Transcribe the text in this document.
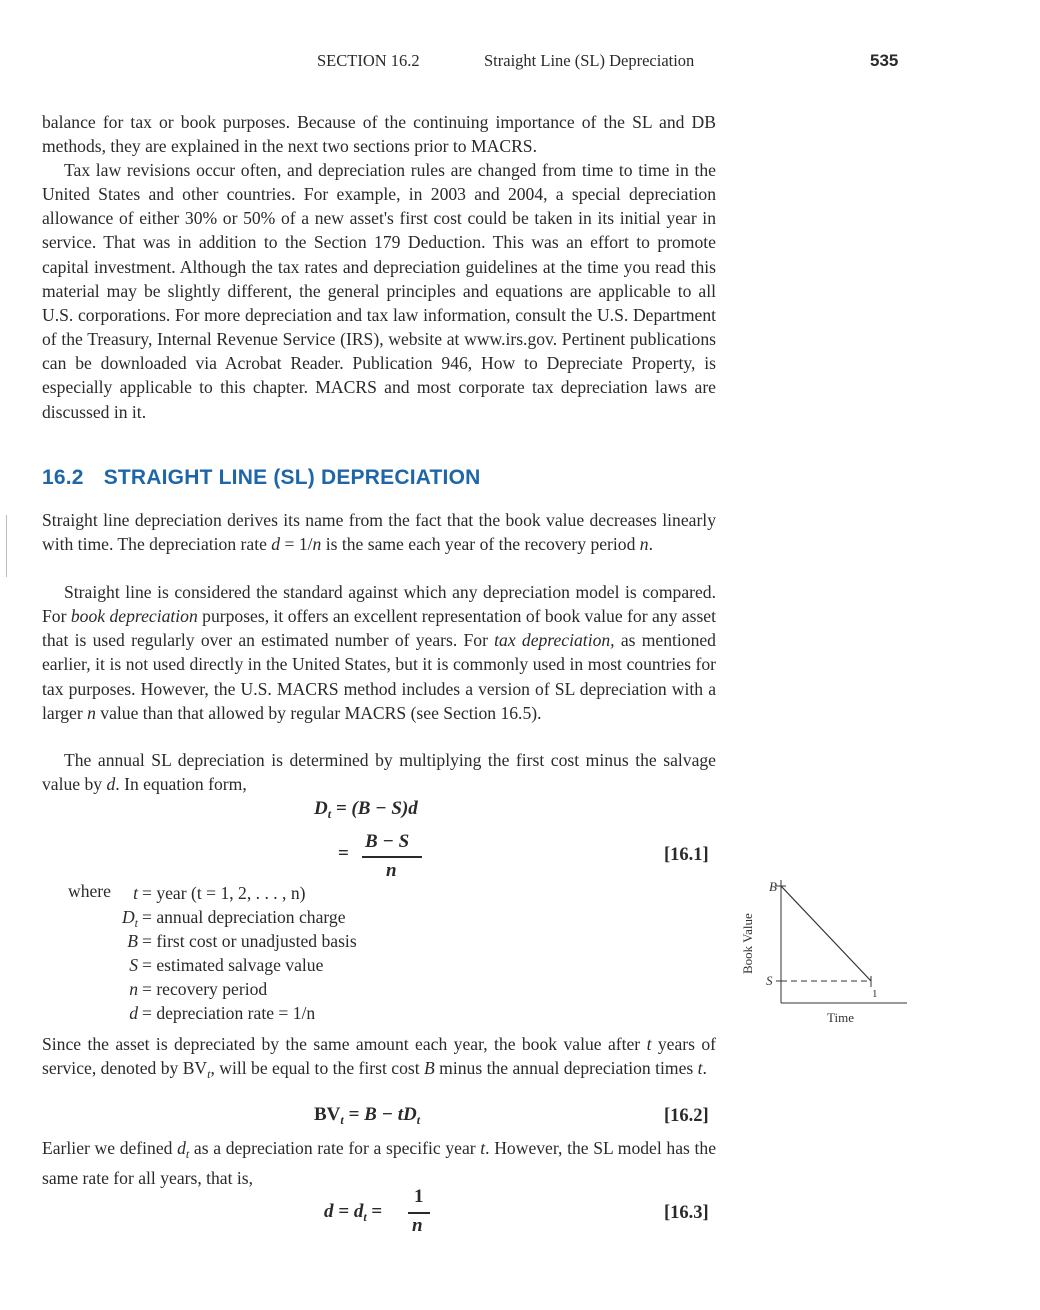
SECTION 16.2	Straight Line (SL) Depreciation	535

balance for tax or book purposes. Because of the continuing importance of the SL and DB methods, they are explained in the next two sections prior to MACRS.

Tax law revisions occur often, and depreciation rules are changed from time to time in the United States and other countries. For example, in 2003 and 2004, a special depreciation allowance of either 30% or 50% of a new asset's first cost could be taken in its initial year in service. That was in addition to the Section 179 Deduction. This was an effort to promote capital investment. Although the tax rates and depreciation guidelines at the time you read this material may be slightly different, the general principles and equations are applicable to all U.S. corporations. For more depreciation and tax law information, consult the U.S. Department of the Treasury, Internal Revenue Service (IRS), website at www.irs.gov. Pertinent publications can be downloaded via Acrobat Reader. Publication 946, How to Depreciate Property, is especially applicable to this chapter. MACRS and most corporate tax depreciation laws are discussed in it.

16.2 STRAIGHT LINE (SL) DEPRECIATION

Straight line depreciation derives its name from the fact that the book value decreases linearly with time. The depreciation rate d = 1/n is the same each year of the recovery period n.

Straight line is considered the standard against which any depreciation model is compared. For book depreciation purposes, it offers an excellent representation of book value for any asset that is used regularly over an estimated number of years. For tax depreciation, as mentioned earlier, it is not used directly in the United States, but it is commonly used in most countries for tax purposes. However, the U.S. MACRS method includes a version of SL depreciation with a larger n value than that allowed by regular MACRS (see Section 16.5).

The annual SL depreciation is determined by multiplying the first cost minus the salvage value by d. In equation form,

$D_t = (B - S)d$
=
B − S
n
[16.1]
where	t = year (t = 1, 2, . . . , n)
$D_t$ = annual depreciation charge
B = first cost or unadjusted basis
S = estimated salvage value
n = recovery period
d = depreciation rate = 1/n
B
S
Book Value
Time
1

Since the asset is depreciated by the same amount each year, the book value after t years of service, denoted by $BV_t$, will be equal to the first cost B minus the annual depreciation times t.

$BV_t = B - tD_t$	[16.2]

Earlier we defined $d_t$ as a depreciation rate for a specific year t. However, the SL model has the same rate for all years, that is,

$d = d_t$ =
1
n
[16.3]
